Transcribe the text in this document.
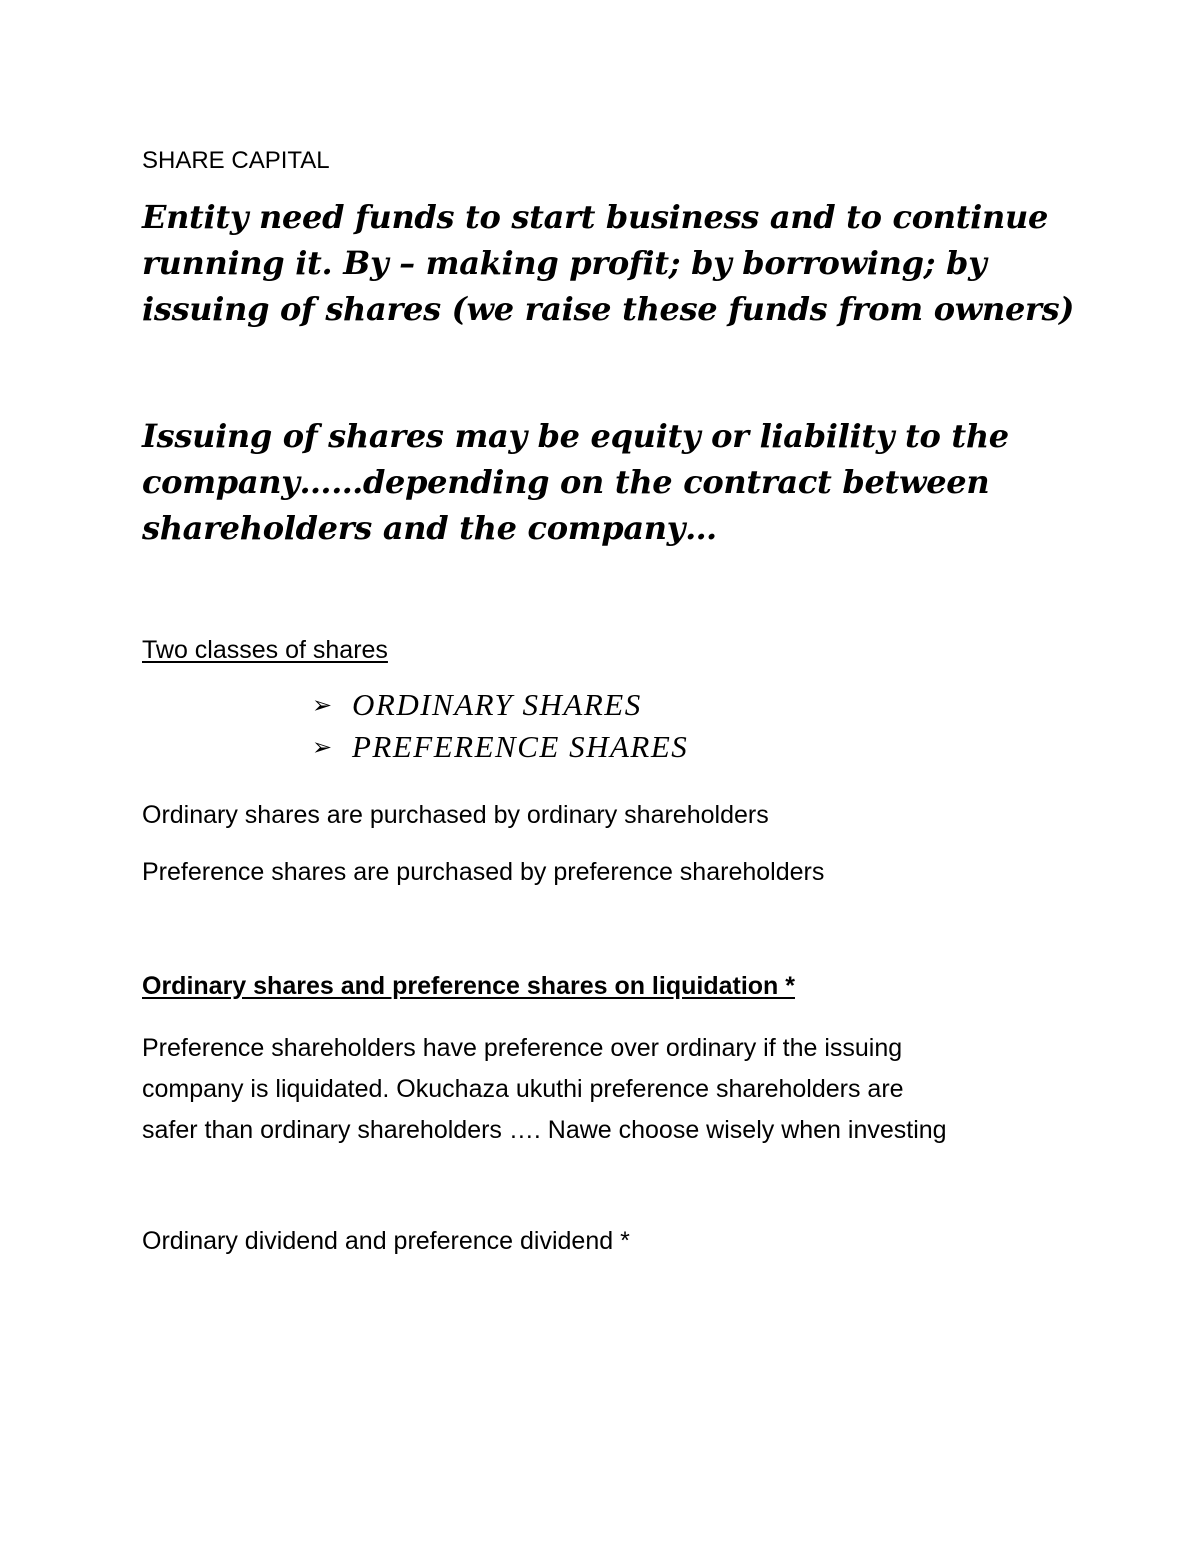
SHARE CAPITAL
Entity need funds to start business and to continue
running it. By – making profit; by borrowing; by
issuing of shares (we raise these funds from owners)
Issuing of shares may be equity or liability to the
company……depending on the contract between
shareholders and the company…
Two classes of shares
➢ ORDINARY SHARES
➢ PREFERENCE SHARES
Ordinary shares are purchased by ordinary shareholders
Preference shares are purchased by preference shareholders
Ordinary shares and preference shares on liquidation *
Preference shareholders have preference over ordinary if the issuing
company is liquidated. Okuchaza ukuthi preference shareholders are
safer than ordinary shareholders …. Nawe choose wisely when investing
Ordinary dividend and preference dividend *
